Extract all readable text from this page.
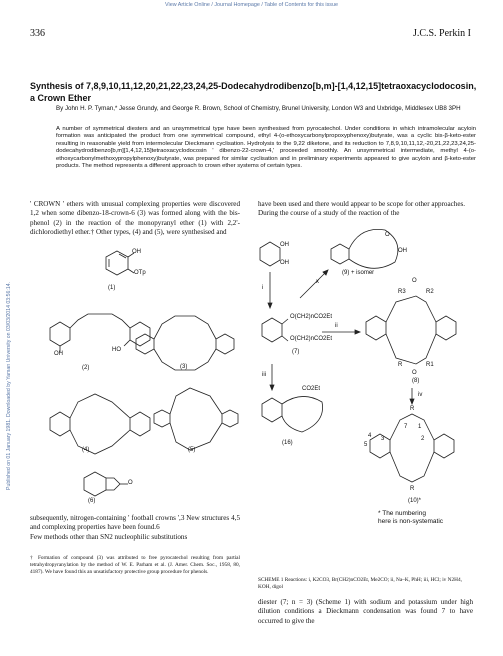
View Article Online / Journal Homepage / Table of Contents for this issue
Published on 01 January 1981. Downloaded by Yaman University on 03/03/2014 03:56:14.
336	J.C.S. Perkin I
Synthesis of 7,8,9,10,11,12,20,21,22,23,24,25-Dodecahydrodibenzo[b,m]-[1,4,12,15]tetraoxacyclodocosin, a Crown Ether
By John H. P. Tyman,* Jesse Grundy, and George R. Brown, School of Chemistry, Brunel University, London W3 and Uxbridge, Middlesex UB8 3PH
A number of symmetrical diesters and an unsymmetrical type have been synthesised from pyrocatechol. Under conditions in which intramolecular acyloin formation was anticipated the product from one symmetrical compound, ethyl 4-(o-ethoxycarbonylpropoxyphenoxy)butyrate, was a cyclic bis-β-keto-ester resulting in reasonable yield from intermolecular Dieckmann cyclisation. Hydrolysis to the 9,22 diketone, and its reduction to 7,8,9,10,11,12,-20,21,22,23,24,25-dodecahydrodibenzo[b,m][1,4,12,15]tetraoxacyclodocosin ' dibenzo-22-crown-4,' proceeded smoothly. An unsymmetrical intermediate, methyl 4-(o-ethoxycarbonylmethoxypropylphenoxy)butyrate, was prepared for similar cyclisation and in preliminary experiments appeared to give acyloin and β-keto-ester products. The method represents a different approach to crown ether systems of certain types.
' CROWN ' ethers with unusual complexing properties were discovered 1,2 when some dibenzo-18-crown-6 (3) was formed along with the bis-phenol (2) in the reaction of the monopyranyl ether (1) with 2,2'-dichlorodiethyl ether.† Other types, (4) and (5), were synthesised and
have been used and there would appear to be scope for other approaches.
During the course of a study of the reaction of the
subsequently, nitrogen-containing ' football crowns ',3 New structures 4,5 and complexing properties have been found.6
Few methods other than SN2 nucleophilic substitutions
† Formation of compound (3) was attributed to free pyrocatechol resulting from partial tetrahydropyranylation by the method of W. E. Parham et al. (J. Amer. Chem. Soc., 1958, 80, 4187). We have found this an unsatisfactory protective group procedure for phenols.
SCHEME 1 Reactions: i, K2CO3, Br(CH2)nCO2Et, Me2CO; ii, Na–K, PhH; iii, HCl; iv N2H4, KOH, digol
diester (7; n = 3) (Scheme 1) with sodium and potassium under high dilution conditions a Dieckmann condensation was found 7 to have occurred to give the
OH
OTp
(1)
OH
HO
(2)	(3)
(4)	(5)
(6)
O
OH
OH
O
OH
(9) + isomer
x
i
O(CH2)nCO2Et
O(CH2)nCO2Et
(7)
ii
iii
R3	R2
R	R1
O
O
(8)
iv
CO2Et
(16)
R
R
7 1
4
5
3	2
(10)*
* The numbering
here is non-systematic
